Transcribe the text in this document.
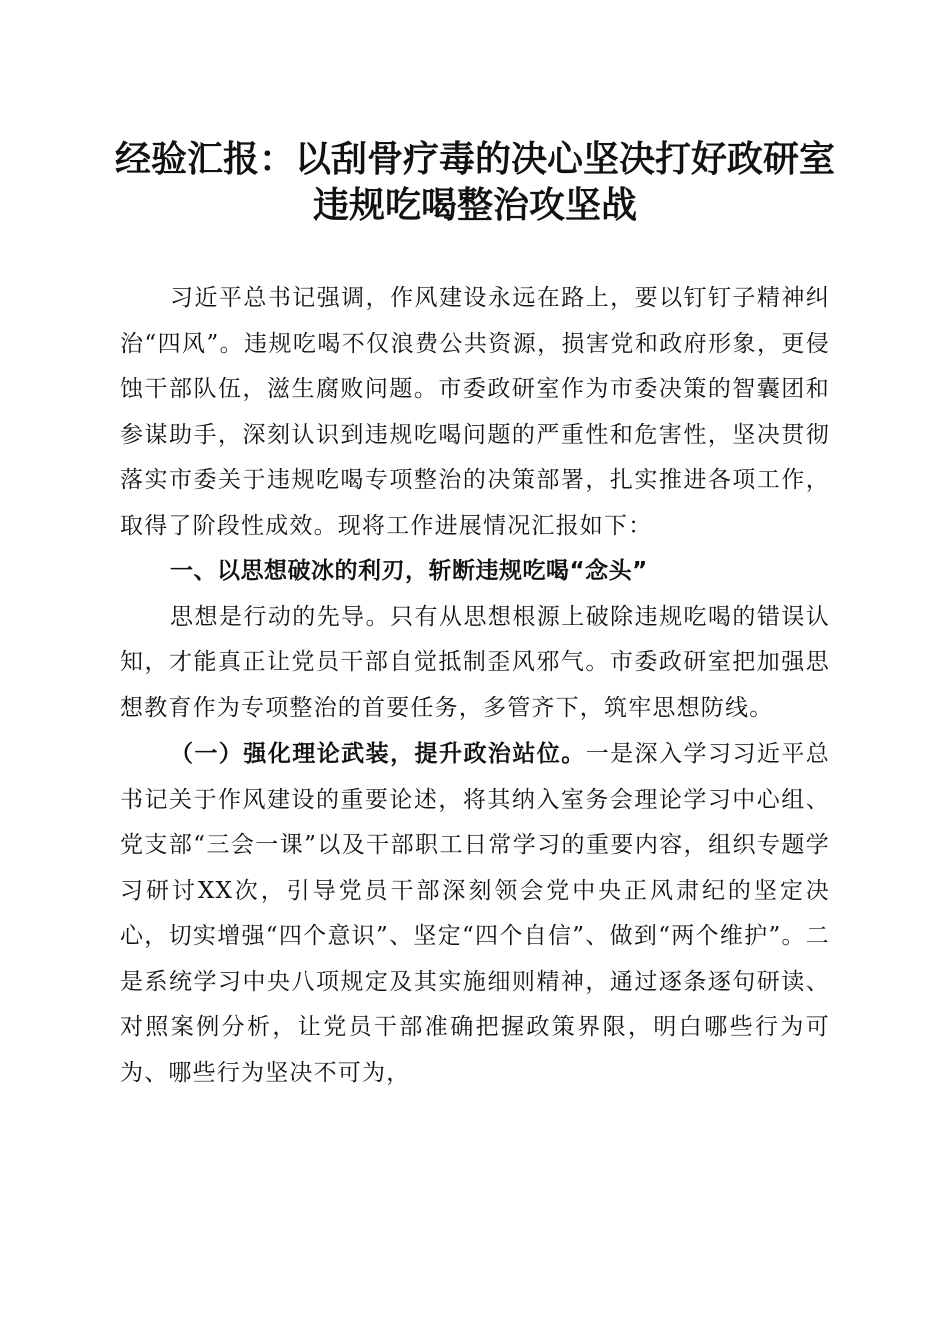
经验汇报：以刮骨疗毒的决心坚决打好政研室
违规吃喝整治攻坚战

习近平总书记强调，作风建设永远在路上，要以钉钉子精神纠治“四风”。违规吃喝不仅浪费公共资源，损害党和政府形象，更侵蚀干部队伍，滋生腐败问题。市委政研室作为市委决策的智囊团和参谋助手，深刻认识到违规吃喝问题的严重性和危害性，坚决贯彻落实市委关于违规吃喝专项整治的决策部署，扎实推进各项工作，取得了阶段性成效。现将工作进展情况汇报如下：

一、以思想破冰的利刃，斩断违规吃喝“念头”

思想是行动的先导。只有从思想根源上破除违规吃喝的错误认知，才能真正让党员干部自觉抵制歪风邪气。市委政研室把加强思想教育作为专项整治的首要任务，多管齐下，筑牢思想防线。

（一）强化理论武装，提升政治站位。一是深入学习习近平总书记关于作风建设的重要论述，将其纳入室务会理论学习中心组、党支部“三会一课”以及干部职工日常学习的重要内容，组织专题学习研讨XX次，引导党员干部深刻领会党中央正风肃纪的坚定决心，切实增强“四个意识”、坚定“四个自信”、做到“两个维护”。二是系统学习中央八项规定及其实施细则精神，通过逐条逐句研读、对照案例分析，让党员干部准确把握政策界限，明白哪些行为可为、哪些行为坚决不可为，
